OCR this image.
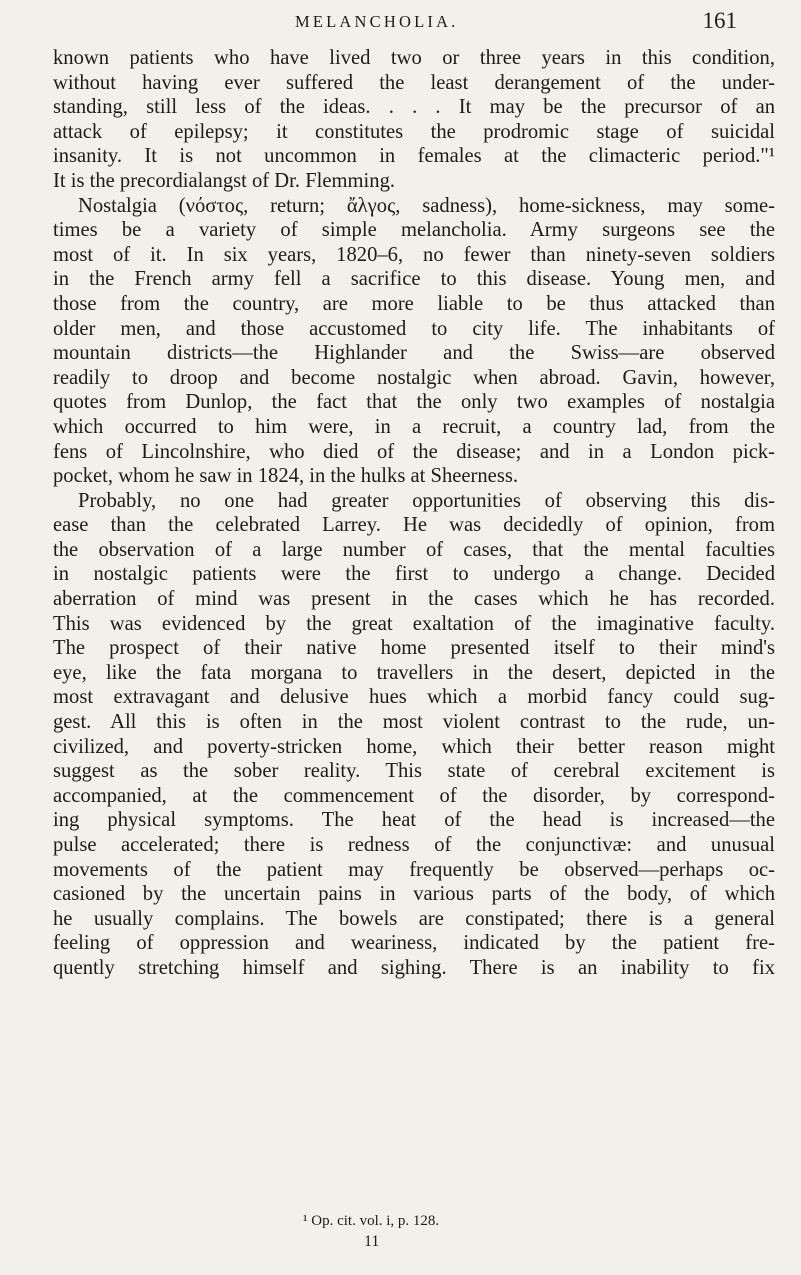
MELANCHOLIA.	161
known patients who have lived two or three years in this condition,
without having ever suffered the least derangement of the under-
standing, still less of the ideas. . . . It may be the precursor of an
attack of epilepsy; it constitutes the prodromic stage of suicidal
insanity. It is not uncommon in females at the climacteric period."¹
It is the precordialangst of Dr. Flemming.
Nostalgia (νόστος, return; ἄλγος, sadness), home-sickness, may some-
times be a variety of simple melancholia. Army surgeons see the
most of it. In six years, 1820–6, no fewer than ninety-seven soldiers
in the French army fell a sacrifice to this disease. Young men, and
those from the country, are more liable to be thus attacked than
older men, and those accustomed to city life. The inhabitants of
mountain districts—the Highlander and the Swiss—are observed
readily to droop and become nostalgic when abroad. Gavin, however,
quotes from Dunlop, the fact that the only two examples of nostalgia
which occurred to him were, in a recruit, a country lad, from the
fens of Lincolnshire, who died of the disease; and in a London pick-
pocket, whom he saw in 1824, in the hulks at Sheerness.
Probably, no one had greater opportunities of observing this dis-
ease than the celebrated Larrey. He was decidedly of opinion, from
the observation of a large number of cases, that the mental faculties
in nostalgic patients were the first to undergo a change. Decided
aberration of mind was present in the cases which he has recorded.
This was evidenced by the great exaltation of the imaginative faculty.
The prospect of their native home presented itself to their mind's
eye, like the fata morgana to travellers in the desert, depicted in the
most extravagant and delusive hues which a morbid fancy could sug-
gest. All this is often in the most violent contrast to the rude, un-
civilized, and poverty-stricken home, which their better reason might
suggest as the sober reality. This state of cerebral excitement is
accompanied, at the commencement of the disorder, by correspond-
ing physical symptoms. The heat of the head is increased—the
pulse accelerated; there is redness of the conjunctivæ: and unusual
movements of the patient may frequently be observed—perhaps oc-
casioned by the uncertain pains in various parts of the body, of which
he usually complains. The bowels are constipated; there is a general
feeling of oppression and weariness, indicated by the patient fre-
quently stretching himself and sighing. There is an inability to fix
¹ Op. cit. vol. i, p. 128.
11
